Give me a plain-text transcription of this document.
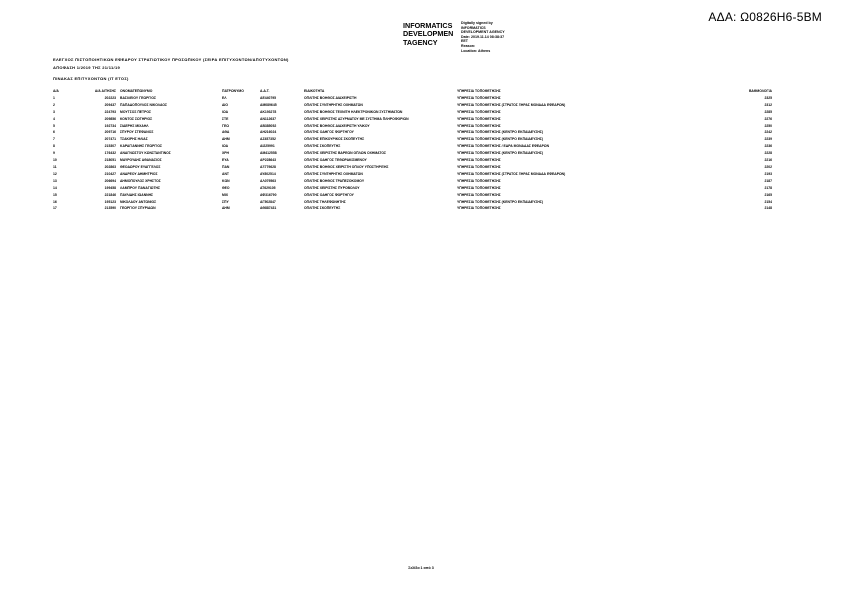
ΑΔΑ: Ω0826Η6-5ΒΜ
INFORMATICS
DEVELOPMEN
TAGENCY
Digitally signed by
INFORMATICS
DEVELOPMENT AGENCY
Date: 2019.11.14 08:38:37
EET
Reason:
Location: Athens
ΕΛΕΓΧΟΣ ΠΙΣΤΟΠΟΙΗΤΙΚΩΝ ΕΦΕΔΡΟΥ ΣΤΡΑΤΙΩΤΙΚΟΥ ΠΡΟΣΩΠΙΚΟΥ (ΣΕΙΡΑ ΕΠΙΤΥΧΟΝΤΩΝ/ΑΠΟΤΥΧΟΝΤΩΝ)
ΑΠΟΦΑΣΗ 1/2019 ΤΗΣ 21/11/19
ΠΙΝΑΚΑΣ ΕΠΙΤΥΧΟΝΤΩΝ (ΙΤ ΕΤΟΣ)
Α/Α	Α/Α ΑΙΤΗΣΗΣ	ΟΝΟΜΑΤΕΠΩΝΥΜΟ	ΠΑΤΡΩΝΥΜΟ	Α.Δ.Τ.	ΕΙΔΙΚΟΤΗΤΑ	ΥΠΗΡΕΣΙΑ ΤΟΠΟΘΕΤΗΣΗΣ	ΒΑΘΜΟΛΟΓΙΑ
1	202223	ΒΑΣΙΛΕΙΟΥ ΓΕΩΡΓΙΟΣ	ΕΛ	ΑΕ440795	ΟΠΛΙΤΗΣ ΒΟΗΘΟΣ ΔΙΑΧΕΙΡΙΣΤΗ	ΥΠΗΡΕΣΙΑ ΤΟΠΟΘΕΤΗΣΗΣ	2325
2	209437	ΠΑΠΑΔΟΠΟΥΛΟΣ ΝΙΚΟΛΑΟΣ	ΔΙΟ	ΑΜ089645	ΟΠΛΙΤΗΣ ΣΥΝΤΗΡΗΤΗΣ ΟΧΗΜΑΤΩΝ	ΥΠΗΡΕΣΙΑ ΤΟΠΟΘΕΤΗΣΗΣ (ΣΤΡΑΤΟΣ ΞΗΡΑΣ ΜΟΝΑΔΑ ΕΦΕΔΡΩΝ)	2312
3	224793	ΜΟΥΤΣΟΣ ΠΕΤΡΟΣ	ΙΩΑ	ΑΚ193278	ΟΠΛΙΤΗΣ ΒΟΗΘΟΣ ΤΕΧΝΙΤΗ ΗΛΕΚΤΡΟΝΙΚΩΝ ΣΥΣΤΗΜΑΤΩΝ	ΥΠΗΡΕΣΙΑ ΤΟΠΟΘΕΤΗΣΗΣ	2285
4	209856	ΚΟΝΤΟΣ ΣΩΤΗΡΙΟΣ	ΣΤΕ	ΑΝ112637	ΟΠΛΙΤΗΣ ΧΕΙΡΙΣΤΗΣ ΑΣΥΡΜΑΤΟΥ ΜΕ ΣΥΣΤΗΜΑ ΠΛΗΡΟΦΟΡΙΩΝ	ΥΠΗΡΕΣΙΑ ΤΟΠΟΘΕΤΗΣΗΣ	2276
5	192734	ΣΙΔΕΡΗΣ ΜΙΧΑΗΛ	ΓΕΩ	ΑΒ385052	ΟΠΛΙΤΗΣ ΒΟΗΘΟΣ ΔΙΑΧΕΙΡΙΣΤΗ ΥΛΙΚΟΥ	ΥΠΗΡΕΣΙΑ ΤΟΠΟΘΕΤΗΣΗΣ	2250
6	209716	ΣΠΥΡΟΥ ΣΤΕΦΑΝΟΣ	ΑΘΑ	ΑΗ216024	ΟΠΛΙΤΗΣ ΟΔΗΓΟΣ ΦΟΡΤΗΓΟΥ	ΥΠΗΡΕΣΙΑ ΤΟΠΟΘΕΤΗΣΗΣ (ΚΕΝΤΡΟ ΕΚΠΑΙΔΕΥΣΗΣ)	2242
7	207471	ΤΣΑΚΙΡΗΣ ΗΛΙΑΣ	ΔΗΜ	ΑΖ457352	ΟΠΛΙΤΗΣ ΕΠΙΚΟΥΡΙΚΟΣ ΣΚΟΠΕΥΤΗΣ	ΥΠΗΡΕΣΙΑ ΤΟΠΟΘΕΤΗΣΗΣ (ΚΕΝΤΡΟ ΕΚΠΑΙΔΕΥΣΗΣ)	2239
8	215307	ΚΑΡΑΓΙΑΝΝΗΣ ΓΕΩΡΓΙΟΣ	ΙΩΑ	ΑΙ225991	ΟΠΛΙΤΗΣ ΣΚΟΠΕΥΤΗΣ	ΥΠΗΡΕΣΙΑ ΤΟΠΟΘΕΤΗΣΗΣ / ΕΔΡΑ ΜΟΝΑΔΑΣ ΕΦΕΔΡΩΝ	2236
9	176432	ΑΝΑΓΝΩΣΤΟΥ ΚΩΝΣΤΑΝΤΙΝΟΣ	ΧΡΗ	ΑΜ412558	ΟΠΛΙΤΗΣ ΧΕΙΡΙΣΤΗΣ ΒΑΡΕΩΝ ΟΠΛΩΝ ΟΧΗΜΑΤΟΣ	ΥΠΗΡΕΣΙΑ ΤΟΠΟΘΕΤΗΣΗΣ (ΚΕΝΤΡΟ ΕΚΠΑΙΔΕΥΣΗΣ)	2228
10	218051	ΜΑΥΡΟΥΔΗΣ ΑΘΑΝΑΣΙΟΣ	ΕΥΑ	ΑΡ228643	ΟΠΛΙΤΗΣ ΟΔΗΓΟΣ ΤΕΘΩΡΑΚΙΣΜΕΝΟΥ	ΥΠΗΡΕΣΙΑ ΤΟΠΟΘΕΤΗΣΗΣ	2216
11	202863	ΘΕΟΔΩΡΟΥ ΕΥΑΓΓΕΛΟΣ	ΠΑΝ	ΑΞ779628	ΟΠΛΙΤΗΣ ΒΟΗΘΟΣ ΧΕΙΡΙΣΤΗ ΟΠΛΟΥ ΥΠΟΣΤΗΡΙΞΗΣ	ΥΠΗΡΕΣΙΑ ΤΟΠΟΘΕΤΗΣΗΣ	2202
12	210427	ΑΝΔΡΕΟΥ ΔΗΜΗΤΡΙΟΣ	ΑΝΤ	ΑΥ802514	ΟΠΛΙΤΗΣ ΣΥΝΤΗΡΗΤΗΣ ΟΧΗΜΑΤΩΝ	ΥΠΗΡΕΣΙΑ ΤΟΠΟΘΕΤΗΣΗΣ (ΣΤΡΑΤΟΣ ΞΗΡΑΣ ΜΟΝΑΔΑ ΕΦΕΔΡΩΝ)	2193
13	206694	ΔΗΜΟΠΟΥΛΟΣ ΧΡΗΣΤΟΣ	ΚΩΝ	ΑΛ079563	ΟΠΛΙΤΗΣ ΒΟΗΘΟΣ ΤΡΑΠΕΖΟΚΟΜΟΥ	ΥΠΗΡΕΣΙΑ ΤΟΠΟΘΕΤΗΣΗΣ	2187
14	199458	ΛΑΜΠΡΟΥ ΠΑΝΑΓΙΩΤΗΣ	ΘΕΟ	ΑΤ629105	ΟΠΛΙΤΗΣ ΧΕΙΡΙΣΤΗΣ ΠΥΡΟΒΟΛΟΥ	ΥΠΗΡΕΣΙΑ ΤΟΠΟΘΕΤΗΣΗΣ	2178
15	221846	ΠΑΥΛΙΔΗΣ ΙΩΑΝΝΗΣ	ΜΙΧ	ΑΦ316790	ΟΠΛΙΤΗΣ ΟΔΗΓΟΣ ΦΟΡΤΗΓΟΥ	ΥΠΗΡΕΣΙΑ ΤΟΠΟΘΕΤΗΣΗΣ	2165
16	195123	ΝΙΚΟΛΑΟΥ ΑΝΤΩΝΙΟΣ	ΣΠΥ	ΑΓ502847	ΟΠΛΙΤΗΣ ΤΗΛΕΦΩΝΗΤΗΣ	ΥΠΗΡΕΣΙΑ ΤΟΠΟΘΕΤΗΣΗΣ (ΚΕΝΤΡΟ ΕΚΠΑΙΔΕΥΣΗΣ)	2154
17	213590	ΓΕΩΡΓΙΟΥ ΣΠΥΡΙΔΩΝ	ΔΗΜ	ΑΘ887431	ΟΠΛΙΤΗΣ ΣΚΟΠΕΥΤΗΣ	ΥΠΗΡΕΣΙΑ ΤΟΠΟΘΕΤΗΣΗΣ	2148
Σελίδα 1 από 3
